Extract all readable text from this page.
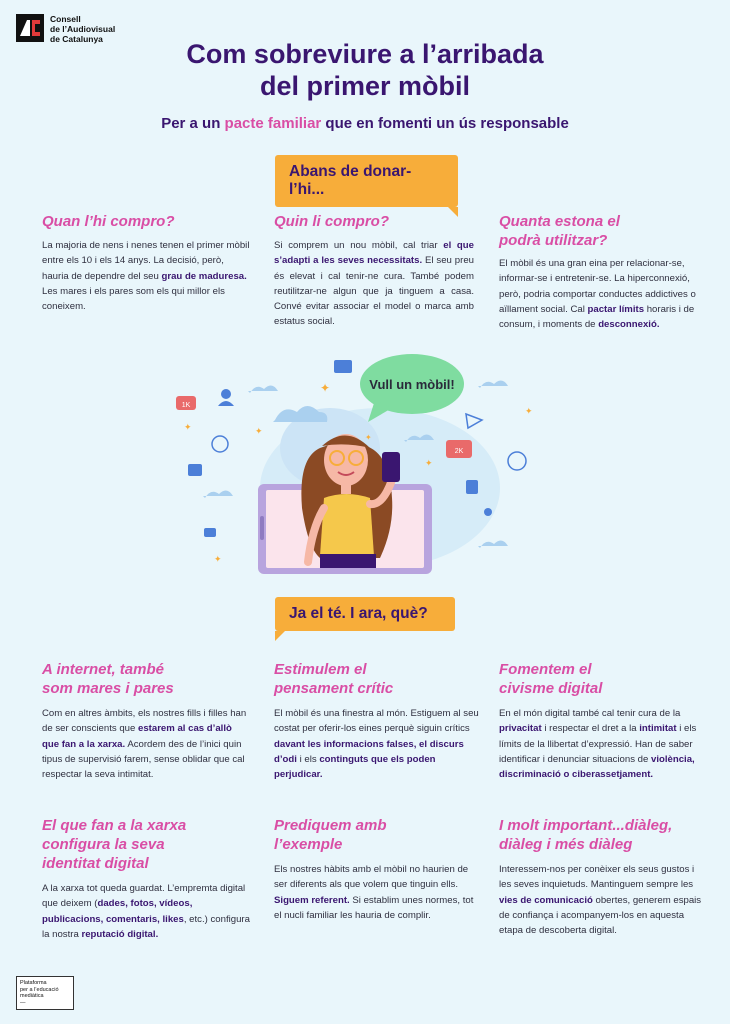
Consell
de l’Audiovisual
de Catalunya	Com sobreviure a l’arribada
del primer mòbil
Per a un pacte familiar que en fomenti un ús responsable
Abans de donar-l’hi...
Quan l’hi compro?
La majoria de nens i nenes tenen el primer mòbil entre els 10 i els 14 anys. La decisió, però, hauria de dependre del seu grau de maduresa. Les mares i els pares som els qui millor els coneixem.
Quin li compro?
Si comprem un nou mòbil, cal triar el que s’adapti a les seves necessitats. El seu preu és elevat i cal tenir-ne cura. També podem reutilitzar-ne algun que ja tinguem a casa. Convé evitar associar el model o marca amb estatus social.
Quanta estona el
podrà utilitzar?
El mòbil és una gran eina per relacionar-se, informar-se i entretenir-se. La hiperconnexió, però, podria comportar conductes addictives o aïllament social. Cal pactar límits horaris i de consum, i moments de desconnexió.
Vull un mòbil!
1K
2K
✦
✦
✦
✦
✦
✦
✦
Ja el té. I ara, què?
A internet, també
som mares i pares
Com en altres àmbits, els nostres fills i filles han de ser conscients que estarem al cas d’allò que fan a la xarxa. Acordem des de l’inici quin tipus de supervisió farem, sense oblidar que cal respectar la seva intimitat.
Estimulem el
pensament crític
El mòbil és una finestra al món. Estiguem al seu costat per oferir-los eines perquè siguin crítics davant les informacions falses, el discurs d’odi i els continguts que els poden perjudicar.
Fomentem el
civisme digital
En el món digital també cal tenir cura de la privacitat i respectar el dret a la intimitat i els límits de la llibertat d’expressió. Han de saber identificar i denunciar situacions de violència, discriminació o ciberassetjament.
El que fan a la xarxa
configura la seva
identitat digital
A la xarxa tot queda guardat. L’empremta digital que deixem (dades, fotos, vídeos, publicacions, comentaris, likes, etc.) configura la nostra reputació digital.
Prediquem amb
l’exemple
Els nostres hàbits amb el mòbil no haurien de ser diferents als que volem que tinguin ells. Siguem referent. Si establim unes normes, tot el nucli familiar les hauria de complir.
I molt important...diàleg,
diàleg i més diàleg
Interessem-nos per conèixer els seus gustos i les seves inquietuds. Mantinguem sempre les vies de comunicació obertes, generem espais de confiança i acompanyem-los en aquesta etapa de descoberta digital.
Plataforma
per a l’educació
mediàtica
—
